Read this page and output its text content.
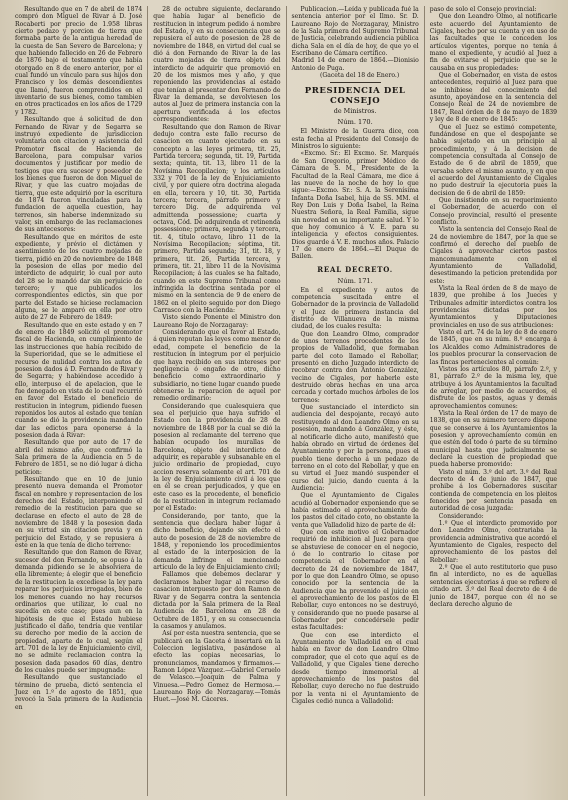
Resultando que en 7 de abril de 1874 compró don Miguel de Rivar á D. José Rocaberti por precio de 1.958 libras cierto pedazo y porcion de tierra que formaba parte de la antigua heredad de la cuesta de San Severo de Barcelona; y que habiendo fallecido en 26 de Febrero de 1876 bajo el testamento que había otorgado en 8 de enero anterior, por el cual fundó un vínculo para sus hijos don Francisco y los demás descendientes que llamó, fueron comprendidos en el inventario de sus bienes, como tambien en otros practicados en los años de 1729 y 1782.

Resultando que á solicitud de don Fernando de Rivar y de Segarra se instruyó expediente de jurisdiccion voluntaria con citacion y asistencia del Promotor fiscal de Hacienda de Barcelona, para compulsar varios documentos y justificar por medio de testigos que era sucesor y poseedor de los bienes que fueron de don Miguel de Rivar, y que las cuatro mojadas de tierra, que este adquirió por la escritura de 1874 fueron vinculadas para la fundacion de aquella cuestion, hay terrenos, sin haberse indemnizado su valor, sin embargo de las reclamaciones de sus antecesores:

Resultando que en méritos de este expediente, y prévio el dictámen y asentimiento de los cuatro mojadas de tierra, pidió en 20 de noviembre de 1848 la posesion de ellas por medio del interdicto de adquirir, lo cual por auto del 28 se le mandó dar sin perjuicio de tercero; y que publicados los correspondientes edictos, sin que por parte del Estado se hiciese reclamacion alguna, se le amparó en ella por otro auto de 27 de Febrero de 1849:

Resultando que en este estado y en 7 de enero de 1849 solicitó el promotor fiscal de Hacienda, en cumplimiento de las instrucciones que había recibido de la Superioridad, que se le admitiese el recurso de nulidad contra los autos de posesion dados á D. Fernando de Rivar y de Segarra; y habiéndose accedido á ello, interpuso el de apelacion, que le fue denegado en vista de lo cual recurrió en favor del Estado el beneficio de restitucion in integrum, pidiendo fuesen reponidos los autos al estado que tenían cuando se dió la providencia mandando dar las edictos para oponerse á la posesion dada á Rivar:

Resultando que por auto de 17 de abril del mismo año, que confirmó la Sala primera de la Audiencia en 5 de Febrero de 1851, se no dió lugar á dicha peticion:

Resultando que en 10 de junio presentó nueva demanda el Promotor fiscal en nombre y representacion de los derechos del Estado, interponiendo el remedio de la restitucion para que se declarase en efecto el auto de 28 de noviembre de 1848 y la posesion dada en su virtud sin citacion previa y en perjuicio del Estado, y se repusiera á este en la que tenía de dicho terreno:

Resultando que don Ramon de Rivar, sucesor del don Fernando, se opuso á la demanda pidiendo se le absolviera de ella libremente; á elegir que el beneficio de la restitucion la excediese la ley para reparar los perjuicios irrogados, bien de los menores cuando no hay recursos ordinarios que utilizar, lo cual no sucedía en este caso; pues aun en la hipótesis de que el Estado hubiese justificado el daño, tendría que ventilar su derecho por medio de la accion de propiedad, aparte de lo cual, según el art. 701 de la ley de Enjuiciamiento civil, no se admite reclamacion contra la posesion dada pasados 60 días, dentro de los cuales puede ser impugnada:

Resultando que sustanciado el término de prueba, dictó sentencia el Juez en 1.º de agosto de 1851, que revocó la Sala primera de la Audiencia en

28 de octubre siguiente, declarando que había lugar al beneficio de restitucion in integrum pedido á nombre del Estado, y en su consecuencia que se repusiera el auto de posesion de 28 de noviembre de 1848, en virtud del cual se dió á don Fernando de Rivar la de las cuatro mojadas de tierra objeto del interdicto de adquirir que promovió en 20 de los mismos mes y año, y que reponiendo las providencias al estado que tenían al presentar don Fernando de Rivar la demanda, se devolviesen los autos al Juez de primera instancia con la apertura verificada á los efectos correspondientes:

Resultando que don Ramon de Rivar dedujo contra este fallo recurso de casacion en cuanto ejecutado en su concepto a las leyes primera, tit. 25, Partida tercera; segunda, tit. 19, Partida sexta; quinta, tit. 13, libro 11 de la Novísima Recopilacion; y los artículos 332 y 701 de la ley de Enjuiciamiento civil, y por quiere otra doctrina alegada en ella, tercera y 10, tit. 30, Partida tercera; tercera, párrafo primero y tercero Dig. de adquirenda vel admittenda possessione; cuarta y octava, Cód. De adquirenda et retinenda possessione; primera, segunda y tercera, tit. 4, título octavo, libro 11 de la Novísima Recopilacion; séptima, tit. primero, Partida segunda; 31, tit. 18, y primera, tit. 26, Partida tercera, y primera, tit. 21, libro 11 de la Novísima Recopilacion; á las cuales se ha faltado, cuando en este Supremo Tribunal como infringida la doctrina sentada por el mismo en la sentencia de 9 de enero de 1862 en el pleito seguido por don Diego Carrasco con la Hacienda:

Visto siendo Ponente el Ministro don Laureano Rojo de Norzagaray:

Considerando que el favor al Estado, á quien reputan las leyes como menor de edad, compete el beneficio de la restitucion in integrum por el perjuicio que haya recibido en sus intereses por negligencia ó engaño de otro, dicho beneficio como extraordinario y subsidiario, no tiene lugar cuando puede obtenerse la reparacion de aquel por remedio ordinario:

Considerando que cualesquiera que sea el perjuicio que haya sufrido el Estado con la providencia de 28 de noviembre de 1848 por la cual se dió la posesion al reclamante del terreno que habían ocupado los murallas de Barcelona, objeto del interdicto de adquirir, es reparable y subsanable en el juicio ordinario de propiedad, cuyo accion reserva solamente el art. 701 de la ley de Enjuiciamiento civil á los que en él se crean perjudicados, y que en este caso es la procedente, el beneficio de la restitucion in integrum reclamado por el Estado:

Considerando, por tanto, que la sentencia que declara haber lugar á dicho beneficio, dejando sin efecto el auto de posesion de 28 de noviembre de 1848, y reponiendo los procedimientos al estado de la interposicion de la demanda infringe el mencionado artículo de la ley de Enjuiciamiento civil;

Fallamos que debemos declarar y declaramos haber lugar al recurso de casacion interpuesto por don Ramon de Rivar y de Segarra contra la sentencia dictada por la Sala primera de la Real Audiencia de Barcelona en 28 de Octubre de 1851, y en su consecuencia la casamos y anulamos.

Así por esta nuestra sentencia, que se publicará en la Gaceta é insertará en la Coleccion legislativa, pasándose al efecto las copias necesarias, lo pronunciamos, mandamos y firmamos.—Ramon López Vázquez.—Gabriel Ceruelo de Velasco.—Joaquin de Palma y Vinuesa.—Pedro Gomez de Hermosa.—Laureano Rojo de Norzagaray.—Tomás Huet.—José M. Cáceres.

Publicacion.—Leída y publicada fué la sentencia anterior por el Ilmo. Sr. D. Laureano Rojo de Norzagaray, Ministro de la Sala primera del Supremo Tribunal de Justicia, celebrando audiencia pública dicha Sala en el día de hoy, de que yo el Escribano de Cámara certifico.

Madrid 14 de enero de 1864.—Dionisio Antonio de Puga.

(Gaceta del 18 de Enero.)

PRESIDENCIA DEL CONSEJO
de Ministros.
Núm. 170.

El Ministro de la Guerra dice, con esta fecha al Presidente del Consejo de Ministros lo siguiente:

«Excmo. Sr.: El Excmo. Sr. Marqués de San Gregorio, primer Médico de Cámara de S. M., Presidente de la Facultad de la Real Cámara, me dice á las nueve de la noche de hoy lo que sigue:—Excmo. Sr.: S. A. la Serenísima Infanta Doña Isabel, hija de SS. MM. el Rey Don Luis y Doña Isabel, la Reina Nuestra Señora, la Real Familia, sigue sin novedad en su importante salud. Y lo que hoy comunico á V. E. para su inteligencia y efectos consiguientes. Dios guarde á V. E. muchos años. Palacio 17 de enero de 1864.—El Duque de Bailen.

REAL DECRETO.
Núm. 171.

En el expediente y autos de competencia suscitada entre el Gobernador de la provincia de Valladolid y el Juez de primera instancia del distrito de Villanueva de la misma ciudad, de los cuales resulta:

Que don Leandro Olmo, comprador de unos terrenos procedentes de los propios de Valladolid, que formaban parte del coto llamado el Rebollar, presentó en dicho Juzgado interdicto de recobrar contra don Antonio González, vecino de Cigales, por haberle este destruido obras hechas en una arca cercada y cortado muchos árboles de los terrenos:

Que sustanciado el interdicto sin audiencia del despojante, recayó auto restituyendo al don Leandro Olmo en su posesion, mandando á González, y éste, al notificarle dicho auto, manifestó que había obrado en virtud de órdenes del Ayuntamiento y por la persona, pues el pueblo tiene derecho á un pedazo de terreno en el coto del Rebollar, y que en su virtud el Juez mandó suspender el curso del juicio, dando cuenta á la Audiencia:

Que el Ayuntamiento de Cigales acudió al Gobernador exponiendo que se había estimado el aprovechamiento de los pastos del citado coto, no obstante la venta que Valladolid hizo de parte de él:

Que con este motivo el Gobernador requirió de inhibicion al Juez para que se abstuviese de conocer en el negocio, ó de lo contrario lo citase por competencia el Gobernador en el decreto de 24 de noviembre de 1847, por lo que don Leandro Olmo, se opuso conocido por la sentencia de la Audiencia que ha prevenido el juicio en el aprovechamiento de los pastos de El Rebollar, cuyo entonces no se destruyó, y considerando que no puede pasarse al Gobernador por concedérsele pedir estas facultades:

Que con ese interdicto el Ayuntamiento de Valladolid en el cual había en favor de don Leandro Olmo comprador, que el coto que aquí es de Valladolid, y que Cigales tiene derecho desde tiempo inmemorial al aprovechamiento de los pastos del Rebollar, cuyo derecho no fue destruido por la venta ni el Ayuntamiento de Cigales cedió nunca a Valladolid:

paso de solo el Consejo provincial:

Que don Leandro Olmo, al notificarle este acuerdo del Ayuntamiento de Cigales, hecho por su cuenta y en uso de las facultades que le conceden los artículos vigentes, porque no tenía á mano el expediente, y acudió al Juez a fin de evitarse el perjuicio que se le causaba en sus propiedades:

Que el Gobernador, en vista de estos antecedentes, requirió al Juez para que se inhibiese del conocimiento del asunto, apoyándose en la sentencia del Consejo Real de 24 de noviembre de 1847, Real órden de 8 de mayo de 1839 y ley de 8 de enero de 1845:

Que el Juez se estimó competente, fundándose en que el despojante se había sujetado en un principio al procedimiento, y á la decision de competencia consultada al Consejo de Estado de 6 de abril de 1859, que versaba sobre el mismo asunto, y en que el acuerdo del Ayuntamiento de Cigales no pudo destruir la ejecutoria pues la decision de 6 de abril de 1859:

Que insistiendo en su requerimiento el Gobernador, de acuerdo con el Consejo provincial, resultó el presente conflicto.

Visto la sentencia del Consejo Real de 24 de noviembre de 1847, por la que se confirmó el derecho del pueblo de Cigales á aprovechar ciertos pastos mancomunadamente con el Ayuntamiento de Valladolid, desestimando la peticion pretendida por este:

Vista la Real órden de 8 de mayo de 1839, que prohibe á los Jueces y Tribunales admitir interdictos contra los providencias dictadas por los Ayuntamientos y Diputaciones provinciales en uso de sus atribuciones:

Visto el art. 74 de la ley de 8 de enero de 1845, que en su núm. 8.º encarga á los Alcaldes como Administradores de los pueblos procurar la conservacion de las fincas pertenecientes al común:

Vistos los artículos 80, párrafo 2.º, y 81, párrafo 2.º de la misma ley, que atribuye á los Ayuntamientos la facultad de arreglar, por medio de acuerdos, el disfrute de los pastos, aguas y demás aprovechamientos comunes:

Vista la Real órden de 17 de mayo de 1838, que en su número tercero dispone que se conserve á los Ayuntamientos la posesion y aprovechamiento común en que estén del todo ó parte de su término municipal hasta que judicialmente se declare la cuestion de propiedad que pueda haberse promovido:

Visto el núm. 3.º del art. 3.º del Real decreto de 4 de junio de 1847, que prohibe á los Gobernadores suscitar contienda de competencia en los pleitos fenecidos por sentencia pasada en autoridad de cosa juzgada:

Considerando:

1.º Que el interdicto promovido por don Leandro Olmo, contrariaba la providencia administrativa que acordó el Ayuntamiento de Cigales, respecto del aprovechamiento de los pastos del Rebollar:

2.º Que el auto restitutorio que puso fin al interdicto, no es de aquellas sentencias ejecutorias á que se refiere el citado art. 3.º del Real decreto de 4 de junio de 1847, porque con él no se declara derecho alguno de
